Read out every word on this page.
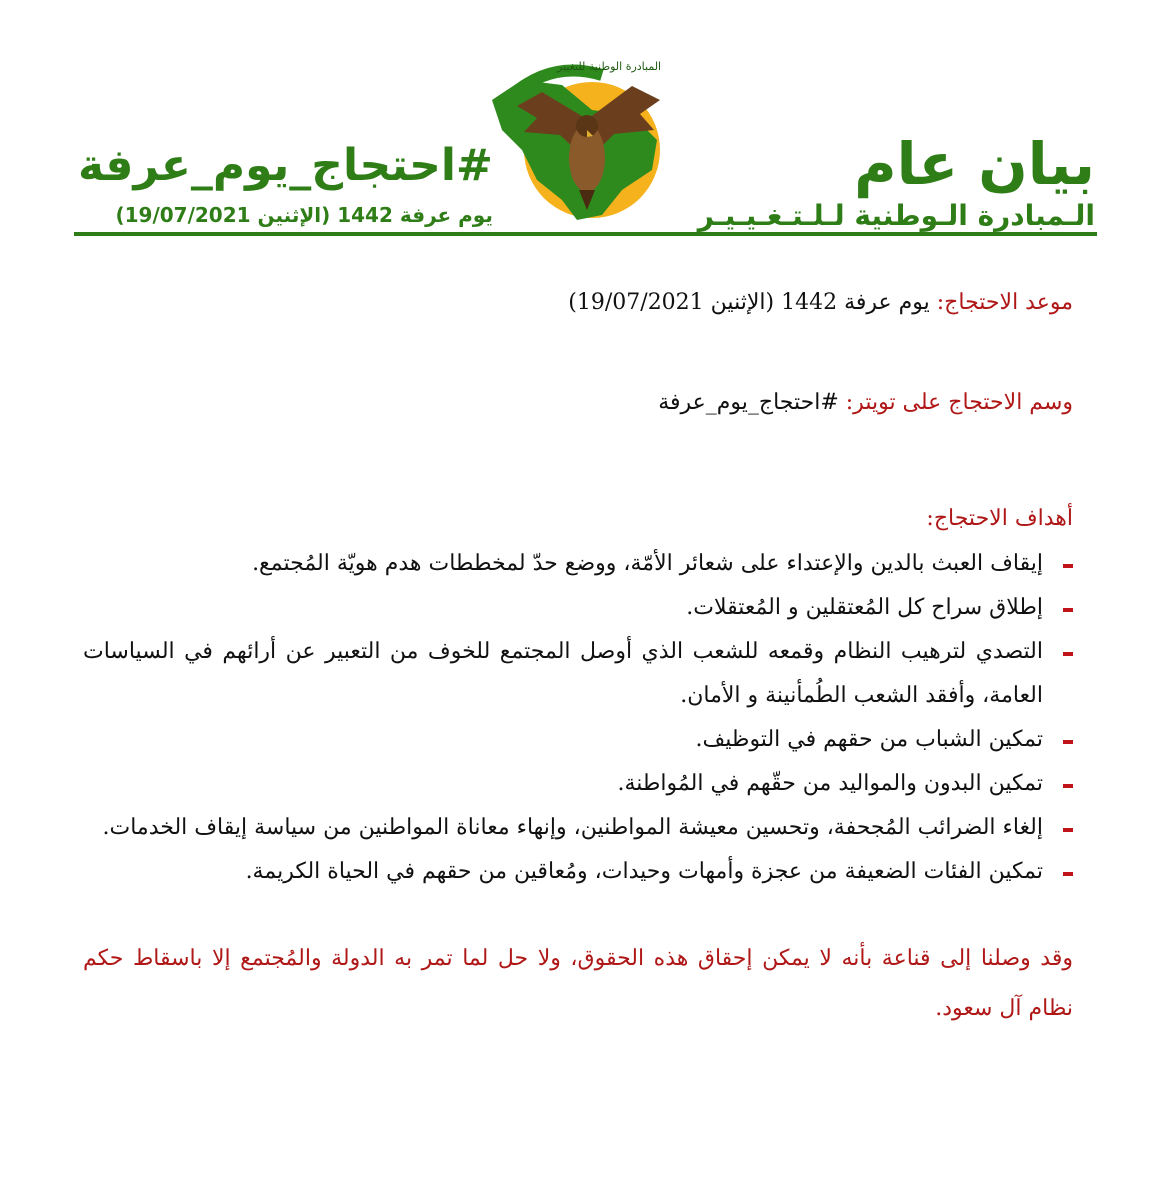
بيان عام
الـمبادرة الـوطنية لـلـتـغـيـيـر
المبادرة الوطنية للتغيير
#احتجاج_يوم_عرفة
يوم عرفة 1442 (الإثنين 19/07/2021)
موعد الاحتجاج: يوم عرفة 1442 (الإثنين 19/07/2021)
وسم الاحتجاج على تويتر: #احتجاج_يوم_عرفة
أهداف الاحتجاج:
إيقاف العبث بالدين والإعتداء على شعائر الأمّة، ووضع حدّ لمخططات هدم هويّة المُجتمع.
إطلاق سراح كل المُعتقلين و المُعتقلات.
التصدي لترهيب النظام وقمعه للشعب الذي أوصل المجتمع للخوف من التعبير عن أرائهم في السياسات العامة، وأفقد الشعب الطُمأنينة و الأمان.
تمكين الشباب من حقهم في التوظيف.
تمكين البدون والمواليد من حقّهم في المُواطنة.
إلغاء الضرائب المُجحفة، وتحسين معيشة المواطنين، وإنهاء معاناة المواطنين من سياسة إيقاف الخدمات.
تمكين الفئات الضعيفة من عجزة وأمهات وحيدات، ومُعاقين من حقهم في الحياة الكريمة.
وقد وصلنا إلى قناعة بأنه لا يمكن إحقاق هذه الحقوق، ولا حل لما تمر به الدولة والمُجتمع إلا باسقاط حكم نظام آل سعود.
